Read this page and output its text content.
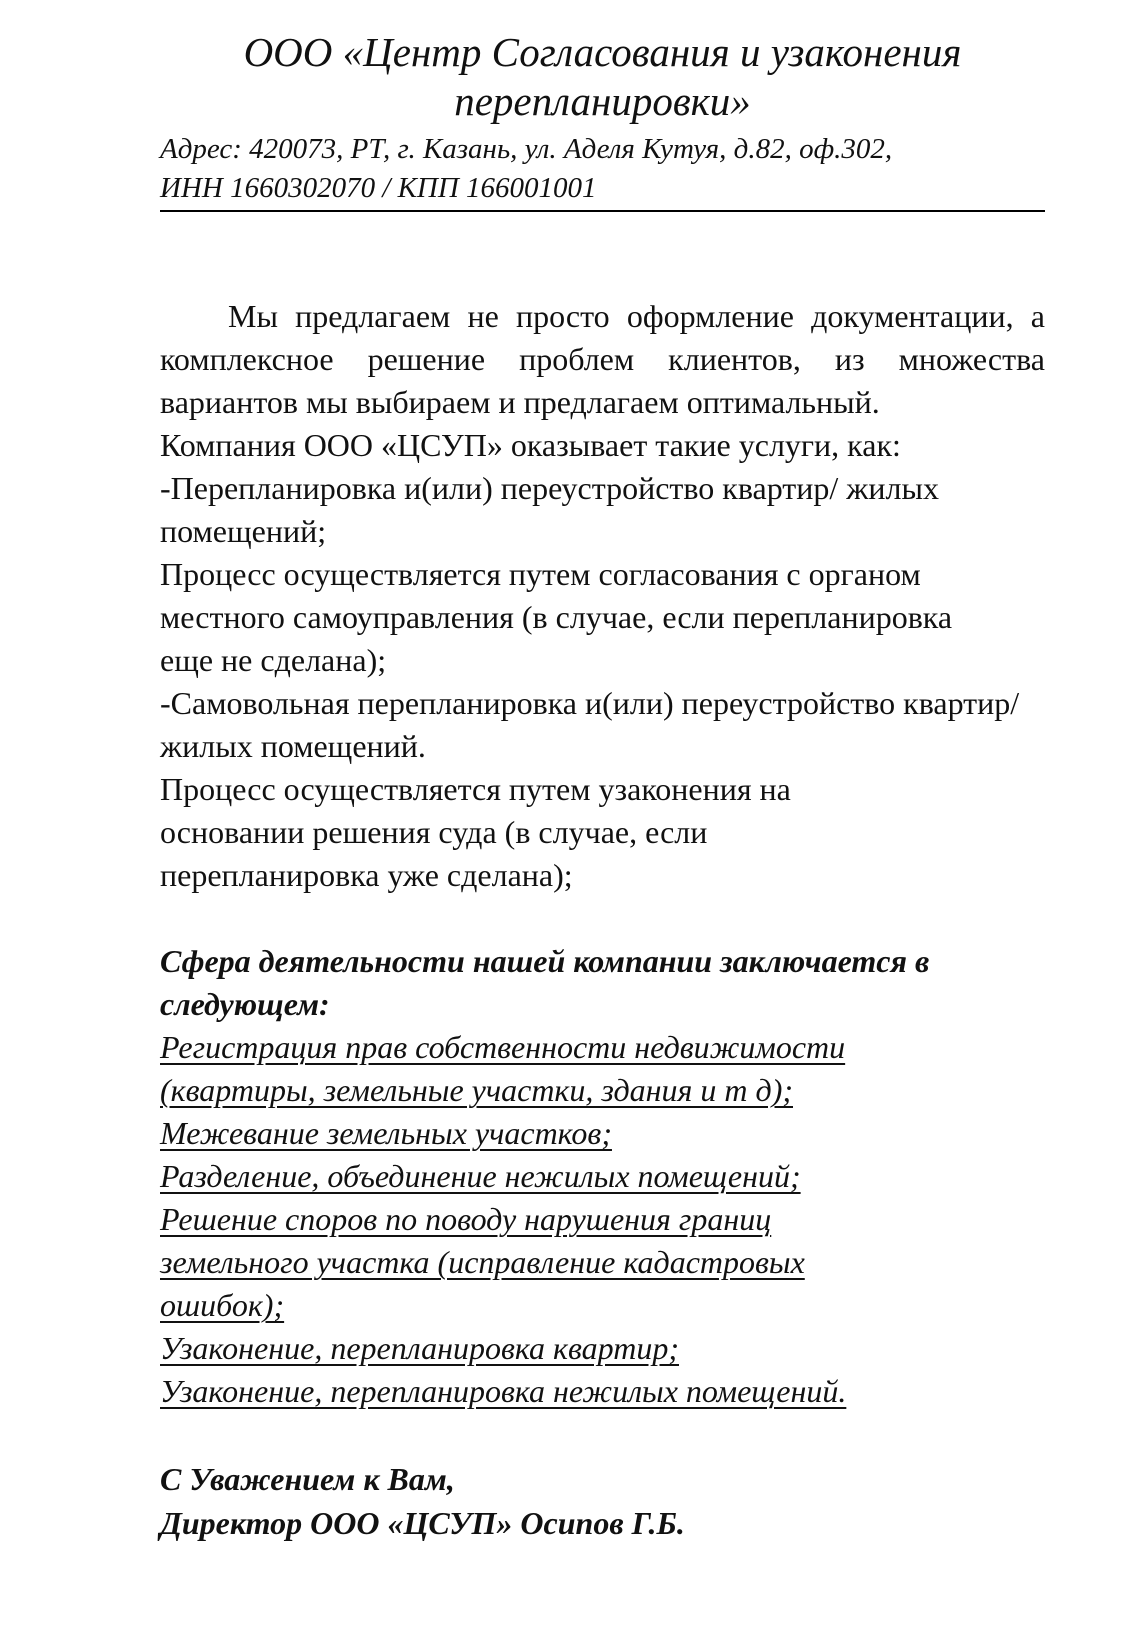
ООО «Центр Согласования и узаконения перепланировки»
Адрес: 420073, РТ, г. Казань, ул. Аделя Кутуя, д.82, оф.302,
ИНН 1660302070 / КПП 166001001

Мы предлагаем не просто оформление документации, а комплексное решение проблем клиентов, из множества вариантов мы выбираем и предлагаем оптимальный.

Компания ООО «ЦСУП» оказывает такие услуги, как:

-Перепланировка и(или) переустройство квартир/ жилых помещений;

Процесс осуществляется путем согласования с органом местного самоуправления (в случае, если перепланировка еще не сделана);

-Самовольная перепланировка и(или) переустройство квартир/жилых помещений.

Процесс осуществляется путем узаконения на основании решения суда (в случае, если перепланировка уже сделана);

Сфера деятельности нашей компании заключается в следующем:

Регистрация прав собственности недвижимости (квартиры, земельные участки, здания и т д);
Межевание земельных участков;
Разделение, объединение нежилых помещений;
Решение споров по поводу нарушения границ земельного участка (исправление кадастровых ошибок);
Узаконение, перепланировка квартир;
Узаконение, перепланировка нежилых помещений.
С Уважением к Вам,
Директор ООО «ЦСУП» Осипов Г.Б.
